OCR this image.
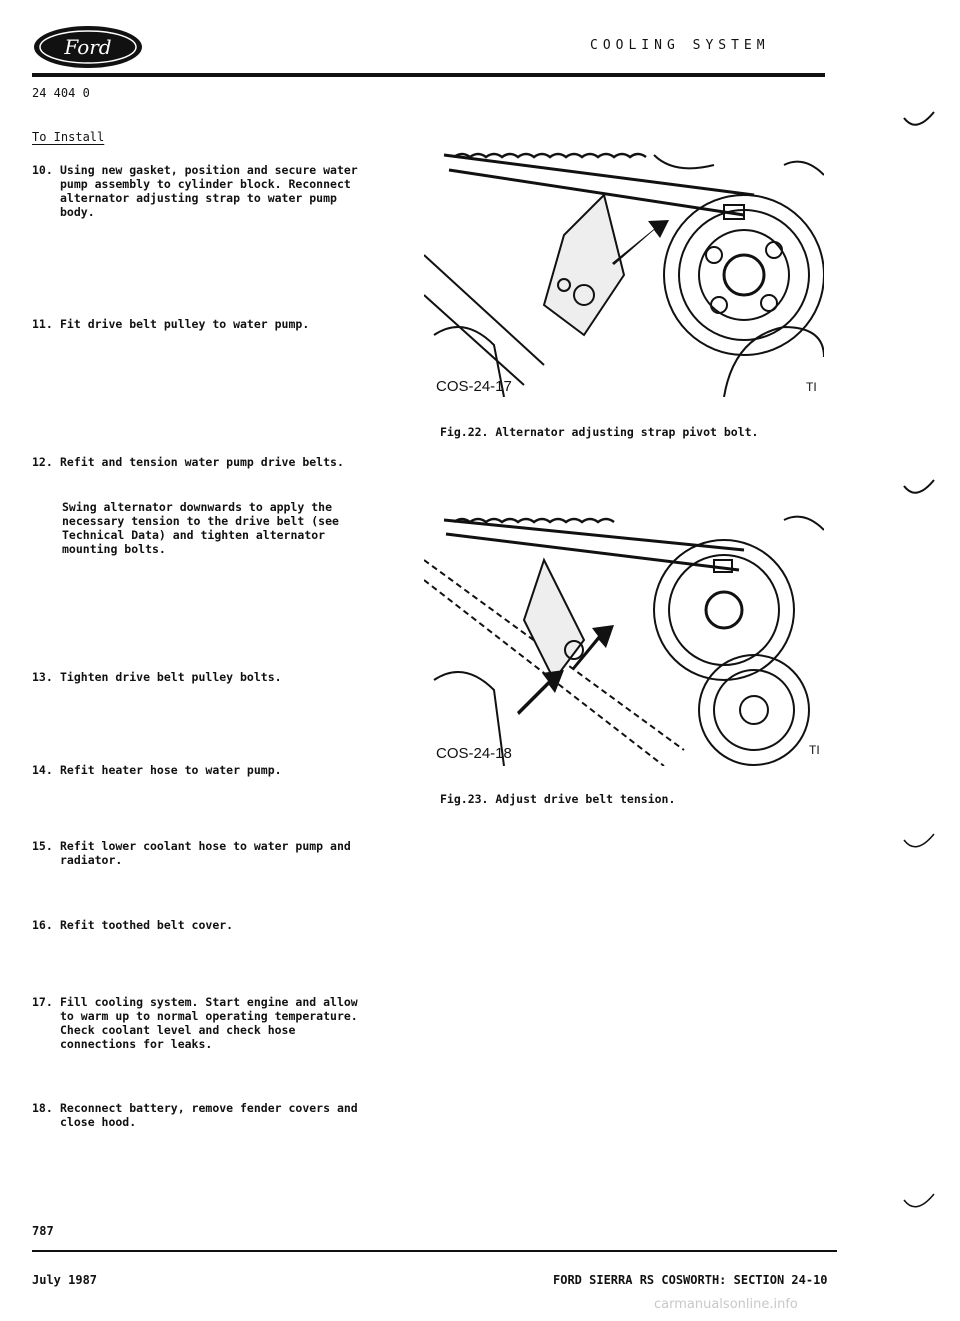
Ford	COOLING SYSTEM
24 404 0
To Install
10. Using new gasket, position and secure water
pump assembly to cylinder block. Reconnect
alternator adjusting strap to water pump
body.
11. Fit drive belt pulley to water pump.
12. Refit and tension water pump drive belts.
Swing alternator downwards to apply the
necessary tension to the drive belt (see
Technical Data) and tighten alternator
mounting bolts.
13. Tighten drive belt pulley bolts.
14. Refit heater hose to water pump.
15. Refit lower coolant hose to water pump and
radiator.
16. Refit toothed belt cover.
17. Fill cooling system. Start engine and allow
to warm up to normal operating temperature.
Check coolant level and check hose
connections for leaks.
18. Reconnect battery, remove fender covers and
close hood.
COS-24-17	TI
Fig.22. Alternator adjusting strap pivot bolt.
COS-24-18	TI
Fig.23. Adjust drive belt tension.
787
July 1987	FORD SIERRA RS COSWORTH: SECTION 24-10
carmanualsonline.info
